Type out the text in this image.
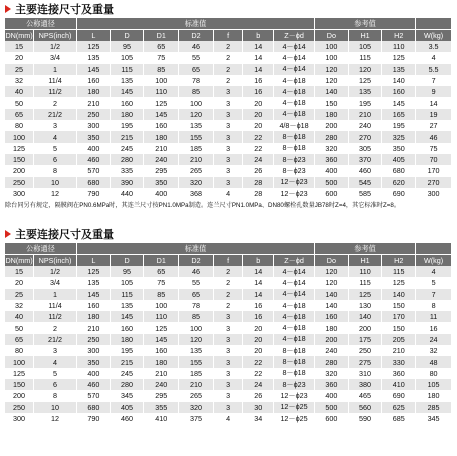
主要连接尺寸及重量
公称通径		标准值							参考值			
DN(mm)	NPS(inch)	L	D	D1	D2	f	b	Z－ϕd	Do	H1	H2	W(kg)
15	1/2	125	95	65	46	2	14	4－ϕ14	100	105	110	3.5
20	3/4	135	105	75	55	2	14	4－ϕ14	100	115	125	4
25	1	145	115	85	65	2	14	4－ϕ14	120	120	135	5.5
32	11/4	160	135	100	78	2	16	4－ϕ18	120	125	140	7
40	11/2	180	145	110	85	3	16	4－ϕ18	140	135	160	9
50	2	210	160	125	100	3	20	4－ϕ18	150	195	145	14
65	21/2	250	180	145	120	3	20	4－ϕ18	180	210	165	19
80	3	300	195	160	135	3	20	4/8－ϕ18	200	240	195	27
100	4	350	215	180	155	3	22	8－ϕ18	280	270	325	46
125	5	400	245	210	185	3	22	8－ϕ18	320	305	350	75
150	6	460	280	240	210	3	24	8－ϕ23	360	370	405	70
200	8	570	335	295	265	3	26	8－ϕ23	400	460	680	170
250	10	680	390	350	320	3	28	12－ϕ23	500	545	620	270
300	12	790	440	400	368	4	28	12－ϕ23	600	585	690	300
除台同另有规定，隔膜阀在PN0.6MPa时，其连兰尺寸按PN1.0MPa制造。连兰尺寸PN1.0MPa、DN80螺栓孔数量JB78时Z=4，其它标准时Z=8。
主要连接尺寸及重量
公称通径		标准值							参考值			
DN(mm)	NPS(inch)	L	D	D1	D2	f	b	Z－ϕd	Do	H1	H2	W(kg)
15	1/2	125	95	65	46	2	14	4－ϕ14	120	110	115	4
20	3/4	135	105	75	55	2	14	4－ϕ14	120	115	125	5
25	1	145	115	85	65	2	14	4－ϕ14	140	125	140	7
32	11/4	160	135	100	78	2	16	4－ϕ18	140	130	150	8
40	11/2	180	145	110	85	3	16	4－ϕ18	160	140	170	11
50	2	210	160	125	100	3	20	4－ϕ18	180	200	150	16
65	21/2	250	180	145	120	3	20	4－ϕ18	200	175	205	24
80	3	300	195	160	135	3	20	8－ϕ18	240	250	210	32
100	4	350	215	180	155	3	22	8－ϕ18	280	275	330	48
125	5	400	245	210	185	3	22	8－ϕ18	320	310	360	80
150	6	460	280	240	210	3	24	8－ϕ23	360	380	410	105
200	8	570	345	295	265	3	26	12－ϕ23	400	465	690	180
250	10	680	405	355	320	3	30	12－ϕ25	500	560	625	285
300	12	790	460	410	375	4	34	12－ϕ25	600	590	685	345
